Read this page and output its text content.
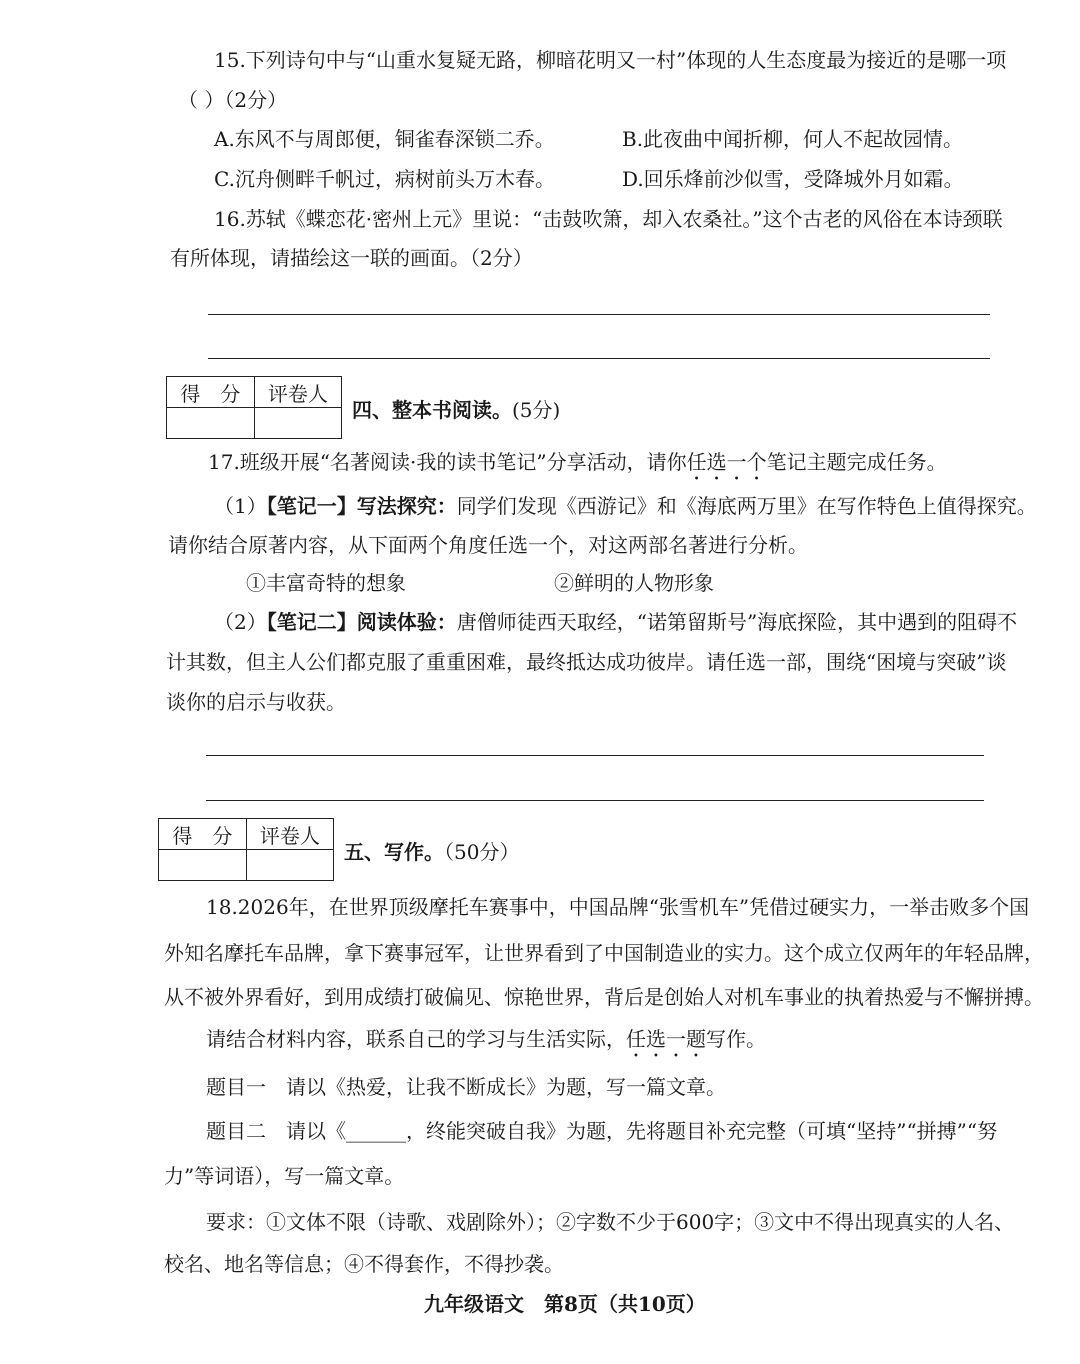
15.下列诗句中与“山重水复疑无路，柳暗花明又一村”体现的人生态度最为接近的是哪一项
（ ）（2分）
A.东风不与周郎便，铜雀春深锁二乔。	B.此夜曲中闻折柳，何人不起故园情。
C.沉舟侧畔千帆过，病树前头万木春。	D.回乐烽前沙似雪，受降城外月如霜。
16.苏轼《蝶恋花·密州上元》里说：“击鼓吹箫，却入农桑社。”这个古老的风俗在本诗颈联
有所体现，请描绘这一联的画面。（2分）
得　分	评卷人

四、整本书阅读。(5分)
17.班级开展“名著阅读·我的读书笔记”分享活动，请你任选一个笔记主题完成任务。
（1）【笔记一】写法探究：同学们发现《西游记》和《海底两万里》在写作特色上值得探究。
请你结合原著内容，从下面两个角度任选一个，对这两部名著进行分析。
①丰富奇特的想象	②鲜明的人物形象
（2）【笔记二】阅读体验：唐僧师徒西天取经，“诺第留斯号”海底探险，其中遇到的阻碍不
计其数，但主人公们都克服了重重困难，最终抵达成功彼岸。请任选一部，围绕“困境与突破”谈
谈你的启示与收获。
得　分	评卷人

五、写作。（50分）
18.2026年，在世界顶级摩托车赛事中，中国品牌“张雪机车”凭借过硬实力，一举击败多个国
外知名摩托车品牌，拿下赛事冠军，让世界看到了中国制造业的实力。这个成立仅两年的年轻品牌，
从不被外界看好，到用成绩打破偏见、惊艳世界，背后是创始人对机车事业的执着热爱与不懈拼搏。
请结合材料内容，联系自己的学习与生活实际，任选一题写作。
题目一　请以《热爱，让我不断成长》为题，写一篇文章。
题目二　请以《______，终能突破自我》为题，先将题目补充完整（可填“坚持”“拼搏”“努
力”等词语），写一篇文章。
要求：①文体不限（诗歌、戏剧除外）；②字数不少于600字；③文中不得出现真实的人名、
校名、地名等信息；④不得套作，不得抄袭。
九年级语文　第8页（共10页）
